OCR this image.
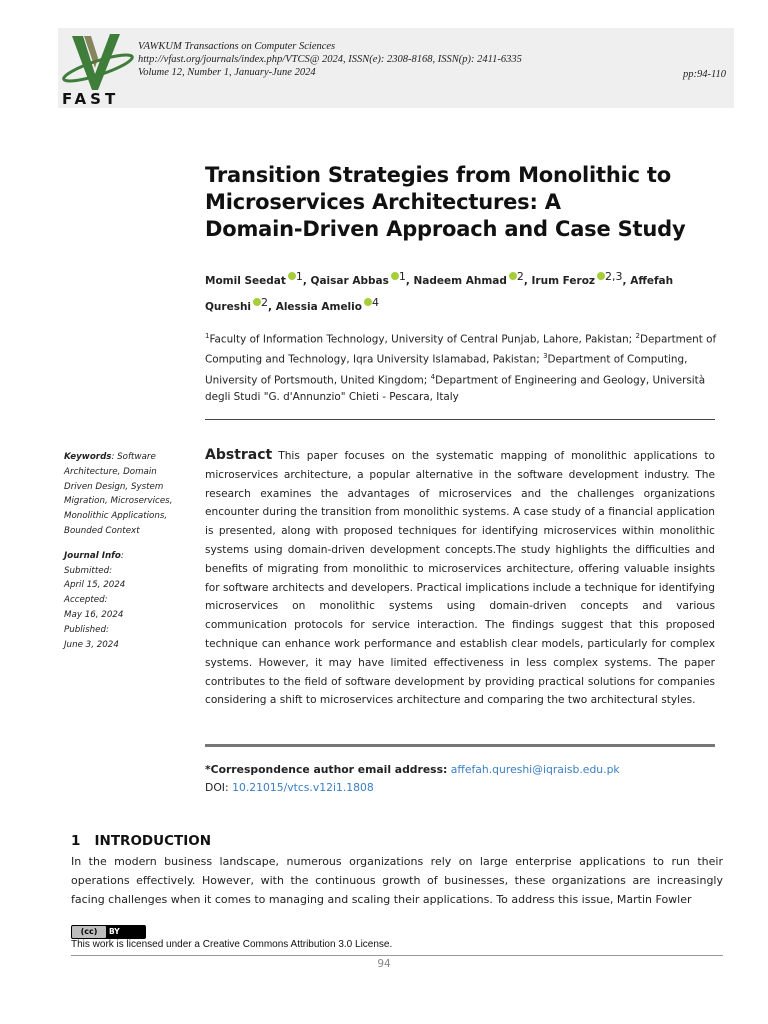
FAST
VAWKUM Transactions on Computer Sciences
http://vfast.org/journals/index.php/VTCS@ 2024, ISSN(e): 2308-8168, ISSN(p): 2411-6335
Volume 12, Number 1, January-June 2024	pp:94-110
Transition Strategies from Monolithic to
Microservices Architectures: A
Domain-Driven Approach and Case Study
Momil Seedat 1, Qaisar Abbas 1, Nadeem Ahmad 2, Irum Feroz 2,3, Affefah Qureshi 2, Alessia Amelio 4
$^1$Faculty of Information Technology, University of Central Punjab, Lahore, Pakistan; $^2$Department of Computing and Technology, Iqra University Islamabad, Pakistan; $^3$Department of Computing, University of Portsmouth, United Kingdom; $^4$Department of Engineering and Geology, Università degli Studi "G. d'Annunzio" Chieti - Pescara, Italy
Keywords: Software Architecture, Domain Driven Design, System Migration, Microservices, Monolithic Applications, Bounded Context
Journal Info:
Submitted:
April 15, 2024
Accepted:
May 16, 2024
Published:
June 3, 2024
Abstract This paper focuses on the systematic mapping of monolithic applications to microservices architecture, a popular alternative in the software development industry. The research examines the advantages of microservices and the challenges organizations encounter during the transition from monolithic systems. A case study of a financial application is presented, along with proposed techniques for identifying microservices within monolithic systems using domain-driven development concepts.The study highlights the difficulties and benefits of migrating from monolithic to microservices architecture, offering valuable insights for software architects and developers. Practical implications include a technique for identifying microservices on monolithic systems using domain-driven concepts and various communication protocols for service interaction. The findings suggest that this proposed technique can enhance work performance and establish clear models, particularly for complex systems. However, it may have limited effectiveness in less complex systems. The paper contributes to the field of software development by providing practical solutions for companies considering a shift to microservices architecture and comparing the two architectural styles.
*Correspondence author email address: affefah.qureshi@iqraisb.edu.pk
DOI: 10.21015/vtcs.v12i1.1808
1 INTRODUCTION
In the modern business landscape, numerous organizations rely on large enterprise applications to run their operations effectively. However, with the continuous growth of businesses, these organizations are increasingly facing challenges when it comes to managing and scaling their applications. To address this issue, Martin Fowler
(cc)	BY
This work is licensed under a Creative Commons Attribution 3.0 License.
94
